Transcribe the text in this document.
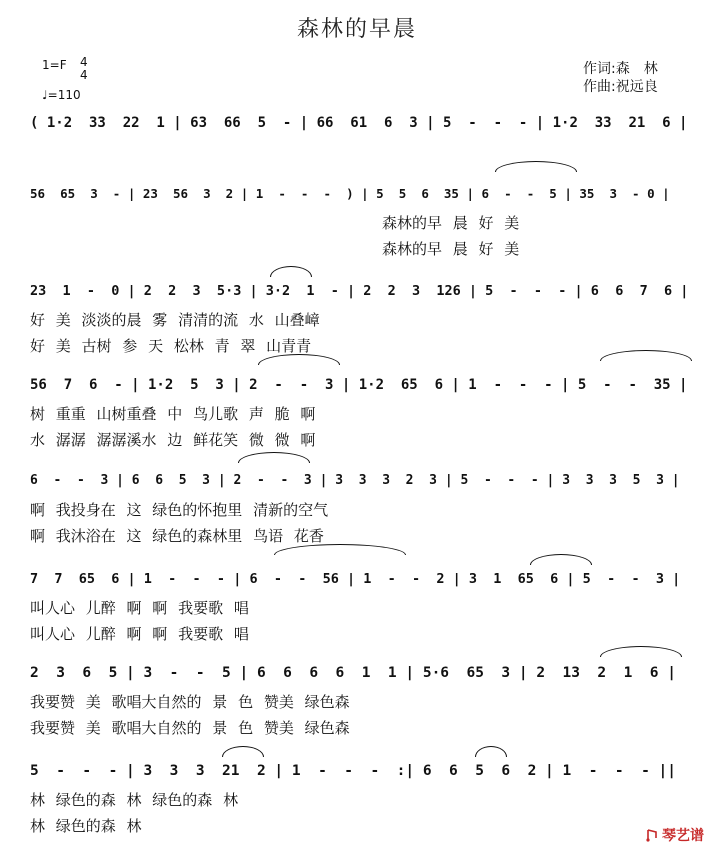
森林的早晨
1=F 4
4
♩=110
作词:森　林
作曲:祝远良
( 1·2  33  22  1 | 63  66  5  - | 66  61  6  3 | 5  -  -  - | 1·2  33  21  6 |
56  65  3  - | 23  56  3  2 | 1  -  -  -  ) | 5  5  6  35 | 6  -  -  5 | 35  3  - 0 |
森林的早 晨 好 美
森林的早 晨 好 美
23  1  -  0 | 2  2  3  5·3 | 3·2  1  - | 2  2  3  126 | 5  -  -  - | 6  6  7  6 |
好 美 淡淡的晨 雾 清清的流 水 山叠嶂
好 美 古树 参 天 松林 青 翠 山青青
56  7  6  - | 1·2  5  3 | 2  -  -  3 | 1·2  65  6 | 1  -  -  - | 5  -  -  35 |
树 重重 山树重叠 中 鸟儿歌 声 脆 啊
水 潺潺 潺潺溪水 边 鲜花笑 微 微 啊
6  -  -  3 | 6  6  5  3 | 2  -  -  3 | 3  3  3  2  3 | 5  -  -  - | 3  3  3  5  3 |
啊 我投身在 这 绿色的怀抱里 清新的空气
啊 我沐浴在 这 绿色的森林里 鸟语 花香
7  7  65  6 | 1  -  -  - | 6  -  -  56 | 1  -  -  2 | 3  1  65  6 | 5  -  -  3 |
叫人心 儿醉 啊 啊 我要歌 唱
叫人心 儿醉 啊 啊 我要歌 唱
2  3  6  5 | 3  -  -  5 | 6  6  6  6  1  1 | 5·6  65  3 | 2  13  2  1  6 |
我要赞 美 歌唱大自然的 景 色 赞美 绿色森
我要赞 美 歌唱大自然的 景 色 赞美 绿色森
5  -  -  - | 3  3  3  21  2 | 1  -  -  -  :| 6  6  5  6  2 | 1  -  -  - ||
林 绿色的森 林 绿色的森 林
林 绿色的森 林
琴艺谱
